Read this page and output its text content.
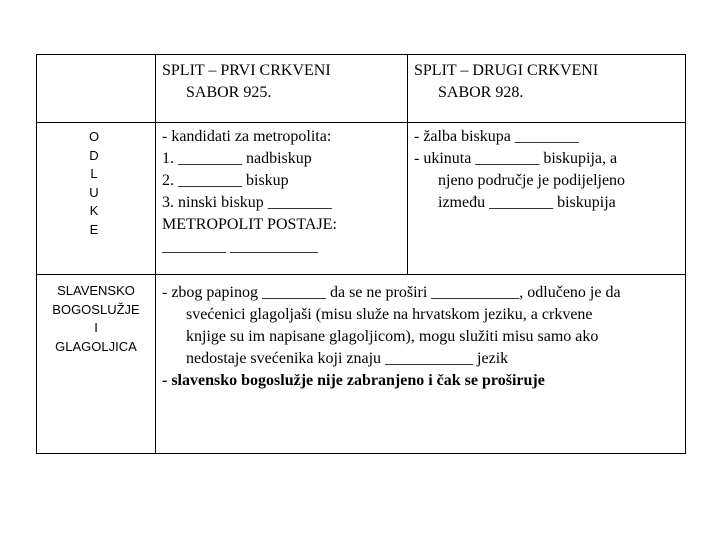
SPLIT – PRVI CRKVENI
SABOR 925.
SPLIT – DRUGI CRKVENI
SABOR 928.
O
D
L
U
K
E
- kandidati za metropolita:
1. ________ nadbiskup
2. ________ biskup
3. ninski biskup ________
METROPOLIT POSTAJE:
________ ___________
- žalba biskupa ________
- ukinuta ________ biskupija, a
njeno područje je podijeljeno
između ________ biskupija
SLAVENSKO
BOGOSLUŽJE
I
GLAGOLJICA
- zbog papinog ________ da se ne proširi ___________, odlučeno je da
svećenici glagoljaši (misu služe na hrvatskom jeziku, a crkvene
knjige su im napisane glagoljicom), mogu služiti misu samo ako
nedostaje svećenika koji znaju ___________ jezik
- slavensko bogoslužje nije zabranjeno i čak se proširuje
